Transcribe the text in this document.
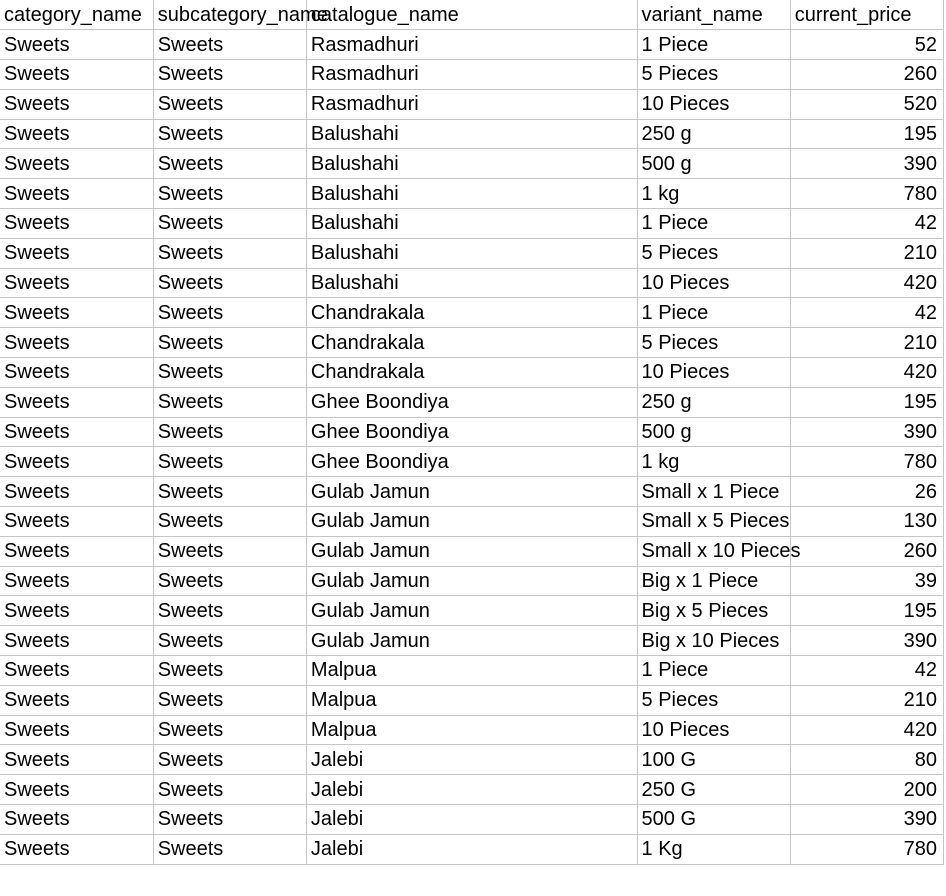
category_name	subcategory_name	catalogue_name	variant_name	current_price
Sweets	Sweets	Rasmadhuri	1 Piece	52
Sweets	Sweets	Rasmadhuri	5 Pieces	260
Sweets	Sweets	Rasmadhuri	10 Pieces	520
Sweets	Sweets	Balushahi	250 g	195
Sweets	Sweets	Balushahi	500 g	390
Sweets	Sweets	Balushahi	1 kg	780
Sweets	Sweets	Balushahi	1 Piece	42
Sweets	Sweets	Balushahi	5 Pieces	210
Sweets	Sweets	Balushahi	10 Pieces	420
Sweets	Sweets	Chandrakala	1 Piece	42
Sweets	Sweets	Chandrakala	5 Pieces	210
Sweets	Sweets	Chandrakala	10 Pieces	420
Sweets	Sweets	Ghee Boondiya	250 g	195
Sweets	Sweets	Ghee Boondiya	500 g	390
Sweets	Sweets	Ghee Boondiya	1 kg	780
Sweets	Sweets	Gulab Jamun	Small x 1 Piece	26
Sweets	Sweets	Gulab Jamun	Small x 5 Pieces	130
Sweets	Sweets	Gulab Jamun	Small x 10 Pieces	260
Sweets	Sweets	Gulab Jamun	Big x 1 Piece	39
Sweets	Sweets	Gulab Jamun	Big x 5 Pieces	195
Sweets	Sweets	Gulab Jamun	Big x 10 Pieces	390
Sweets	Sweets	Malpua	1 Piece	42
Sweets	Sweets	Malpua	5 Pieces	210
Sweets	Sweets	Malpua	10 Pieces	420
Sweets	Sweets	Jalebi	100 G	80
Sweets	Sweets	Jalebi	250 G	200
Sweets	Sweets	Jalebi	500 G	390
Sweets	Sweets	Jalebi	1 Kg	780
